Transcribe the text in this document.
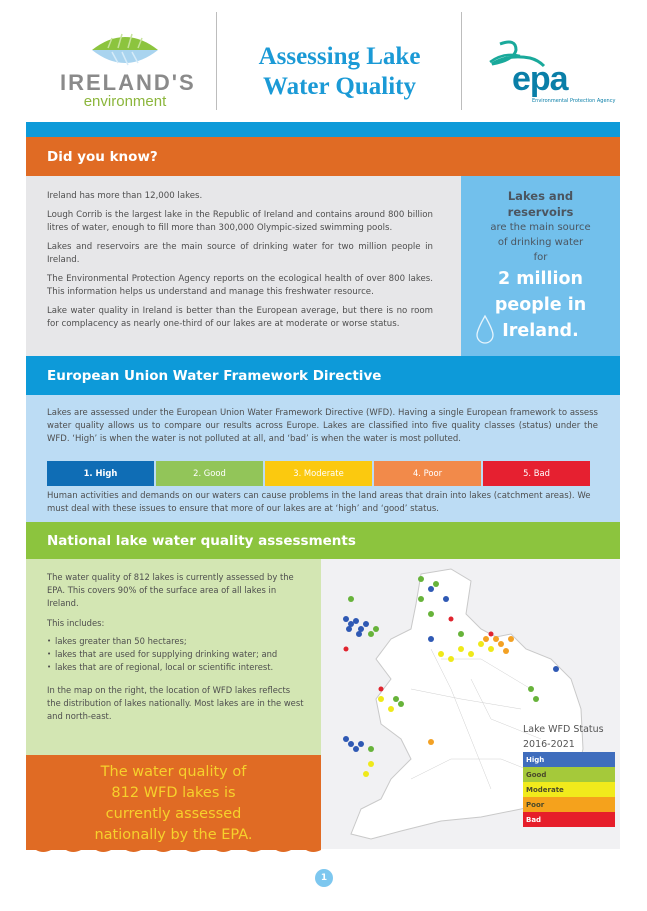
IRELAND'S
environment
Assessing Lake
Water Quality	epa
Environmental Protection Agency
Did you know?

Ireland has more than 12,000 lakes.

Lough Corrib is the largest lake in the Republic of Ireland and contains around 800 billion litres of water, enough to fill more than 300,000 Olympic-sized swimming pools.

Lakes and reservoirs are the main source of drinking water for two million people in Ireland.

The Environmental Protection Agency reports on the ecological health of over 800 lakes. This information helps us understand and manage this freshwater resource.

Lake water quality in Ireland is better than the European average, but there is no room for complacency as nearly one-third of our lakes are at moderate or worse status.

Lakes and
reservoirs
are the main source
of drinking water
for
2 million
people in
Ireland.
European Union Water Framework Directive
Lakes are assessed under the European Union Water Framework Directive (WFD). Having a single European framework to assess water quality allows us to compare our results across Europe. Lakes are classified into five quality classes (status) under the WFD. ‘High’ is when the water is not polluted at all, and ‘bad’ is when the water is most polluted.
1. High	2. Good	3. Moderate	4. Poor	5. Bad
Human activities and demands on our waters can cause problems in the land areas that drain into lakes (catchment areas). We must deal with these issues to ensure that more of our lakes are at ‘high’ and ‘good’ status.
National lake water quality assessments

The water quality of 812 lakes is currently assessed by the EPA. This covers 90% of the surface area of all lakes in Ireland.

This includes:

• lakes greater than 50 hectares;
• lakes that are used for supplying drinking water; and
• lakes that are of regional, local or scientific interest.

In the map on the right, the location of WFD lakes reflects the distribution of lakes nationally. Most lakes are in the west and north-east.

The water quality of
812 WFD lakes is
currently assessed
nationally by the EPA.
Lake WFD Status
2016-2021
High
Good
Moderate
Poor
Bad
1
